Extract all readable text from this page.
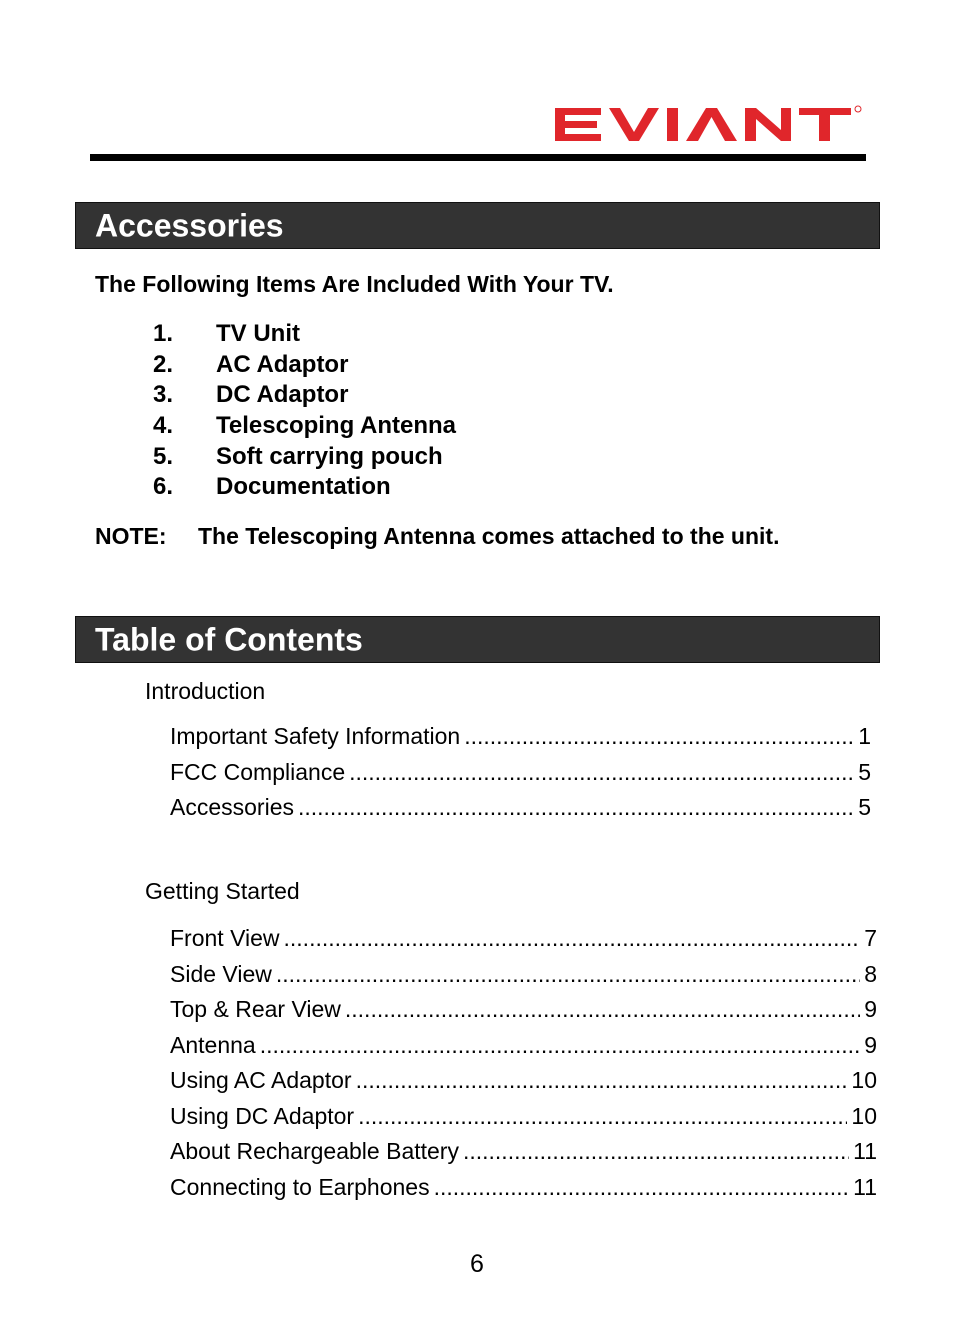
Accessories
The Following Items Are Included With Your TV.
1.	TV Unit
2.	AC Adaptor
3.	DC Adaptor
4.	Telescoping Antenna
5.	Soft carrying pouch
6.	Documentation
NOTE: The Telescoping Antenna comes attached to the unit.
Table of Contents
Introduction
Important Safety Information .....	1
FCC Compliance .....	5
Accessories .....	5
Getting Started
Front View .....	7
Side View .....	8
Top & Rear View .....	9
Antenna .....	9
Using AC Adaptor .....	10
Using DC Adaptor .....	10
About Rechargeable Battery .....	11
Connecting to Earphones .....	11
6
